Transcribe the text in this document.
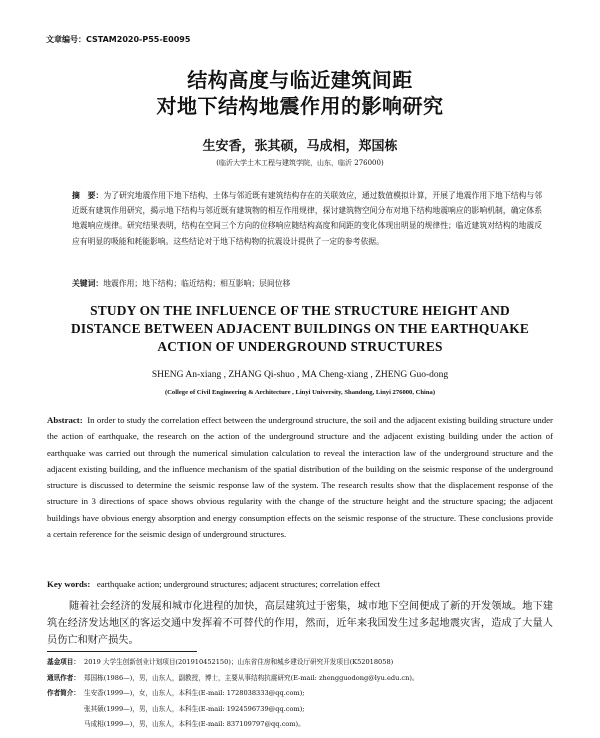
文章编号：CSTAM2020-P55-E0095
结构高度与临近建筑间距
对地下结构地震作用的影响研究
生安香，张其硕，马成相，郑国栋
(临沂大学土木工程与建筑学院，山东，临沂 276000)
摘　要：为了研究地震作用下地下结构、土体与邻近既有建筑结构存在的关联效应，通过数值模拟计算，开展了地震作用下地下结构与邻近既有建筑作用研究，揭示地下结构与邻近既有建筑物的相互作用规律，探讨建筑物空间分布对地下结构地震响应的影响机制，确定体系地震响应规律。研究结果表明，结构在空间三个方向的位移响应随结构高度和间距的变化体现出明显的规律性；临近建筑对结构的地震反应有明显的吸能和耗能影响。这些结论对于地下结构物的抗震设计提供了一定的参考依据。
关键词：地震作用；地下结构；临近结构；相互影响；层间位移
STUDY ON THE INFLUENCE OF THE STRUCTURE HEIGHT AND
DISTANCE BETWEEN ADJACENT BUILDINGS ON THE EARTHQUAKE
ACTION OF UNDERGROUND STRUCTURES
SHENG An-xiang , ZHANG Qi-shuo , MA Cheng-xiang , ZHENG Guo-dong
(College of Civil Engineering & Architecture , Linyi University, Shandong, Linyi 276000, China)
Abstract: In order to study the correlation effect between the underground structure, the soil and the adjacent existing building structure under the action of earthquake, the research on the action of the underground structure and the adjacent existing building under the action of earthquake was carried out through the numerical simulation calculation to reveal the interaction law of the underground structure and the adjacent existing building, and the influence mechanism of the spatial distribution of the building on the seismic response of the underground structure is discussed to determine the seismic response law of the system. The research results show that the displacement response of the structure in 3 directions of space shows obvious regularity with the change of the structure height and the structure spacing; the adjacent buildings have obvious energy absorption and energy consumption effects on the seismic response of the structure. These conclusions provide a certain reference for the seismic design of underground structures.
Key words: earthquake action; underground structures; adjacent structures; correlation effect
随着社会经济的发展和城市化进程的加快，高层建筑过于密集，城市地下空间便成了新的开发领域。地下建筑在经济发达地区的客运交通中发挥着不可替代的作用，然而，近年来我国发生过多起地震灾害，造成了大量人员伤亡和财产损失。
基金项目： 2019 大学生创新创业计划项目(201910452150)；山东省住房和城乡建设厅研究开发项目(K52018058)
通讯作者： 郑国栋(1986—)，男，山东人，副教授，博士，主要从事结构抗震研究(E-mail: zhengguodong@lyu.edu.cn)。
作者简介： 生安香(1999—)，女，山东人，本科生(E-mail: 1728038333@qq.com);
张其硕(1999—)，男，山东人，本科生(E-mail: 1924596739@qq.com);
马成相(1999—)，男，山东人，本科生(E-mail: 837109797@qq.com)。
